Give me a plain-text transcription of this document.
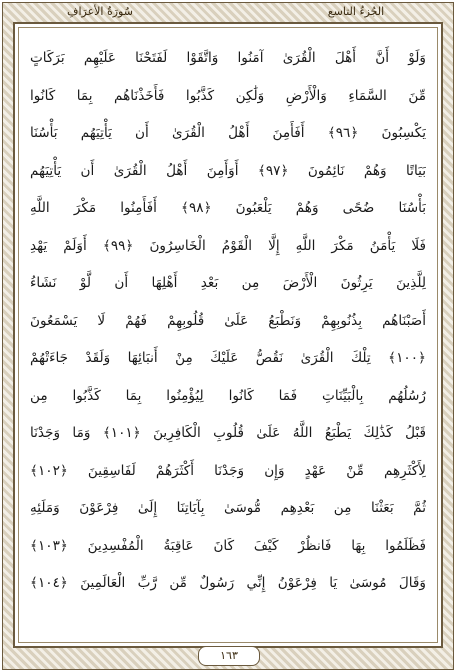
الجُزءُ التاسع
سُورَةُ الأعرَافِ
وَلَوْ أَنَّ أَهْلَ الْقُرَىٰ آمَنُوا وَاتَّقَوْا لَفَتَحْنَا عَلَيْهِم بَرَكَاتٍ
مِّنَ السَّمَاءِ وَالْأَرْضِ وَلَٰكِن كَذَّبُوا فَأَخَذْنَاهُم بِمَا كَانُوا
يَكْسِبُونَ ﴿٩٦﴾ أَفَأَمِنَ أَهْلُ الْقُرَىٰ أَن يَأْتِيَهُم بَأْسُنَا
بَيَاتًا وَهُمْ نَائِمُونَ ﴿٩٧﴾ أَوَأَمِنَ أَهْلُ الْقُرَىٰ أَن يَأْتِيَهُم
بَأْسُنَا ضُحًى وَهُمْ يَلْعَبُونَ ﴿٩٨﴾ أَفَأَمِنُوا مَكْرَ اللَّهِ
فَلَا يَأْمَنُ مَكْرَ اللَّهِ إِلَّا الْقَوْمُ الْخَاسِرُونَ ﴿٩٩﴾ أَوَلَمْ يَهْدِ
لِلَّذِينَ يَرِثُونَ الْأَرْضَ مِن بَعْدِ أَهْلِهَا أَن لَّوْ نَشَاءُ
أَصَبْنَاهُم بِذُنُوبِهِمْ وَنَطْبَعُ عَلَىٰ قُلُوبِهِمْ فَهُمْ لَا يَسْمَعُونَ
﴿١٠٠﴾ تِلْكَ الْقُرَىٰ نَقُصُّ عَلَيْكَ مِنْ أَنبَائِهَا وَلَقَدْ جَاءَتْهُمْ
رُسُلُهُم بِالْبَيِّنَاتِ فَمَا كَانُوا لِيُؤْمِنُوا بِمَا كَذَّبُوا مِن
قَبْلُ كَذَٰلِكَ يَطْبَعُ اللَّهُ عَلَىٰ قُلُوبِ الْكَافِرِينَ ﴿١٠١﴾ وَمَا وَجَدْنَا
لِأَكْثَرِهِم مِّنْ عَهْدٍ وَإِن وَجَدْنَا أَكْثَرَهُمْ لَفَاسِقِينَ ﴿١٠٢﴾
ثُمَّ بَعَثْنَا مِن بَعْدِهِم مُّوسَىٰ بِآيَاتِنَا إِلَىٰ فِرْعَوْنَ وَمَلَئِهِ
فَظَلَمُوا بِهَا فَانظُرْ كَيْفَ كَانَ عَاقِبَةُ الْمُفْسِدِينَ ﴿١٠٣﴾
وَقَالَ مُوسَىٰ يَا فِرْعَوْنُ إِنِّي رَسُولٌ مِّن رَّبِّ الْعَالَمِينَ ﴿١٠٤﴾
١٦٣
